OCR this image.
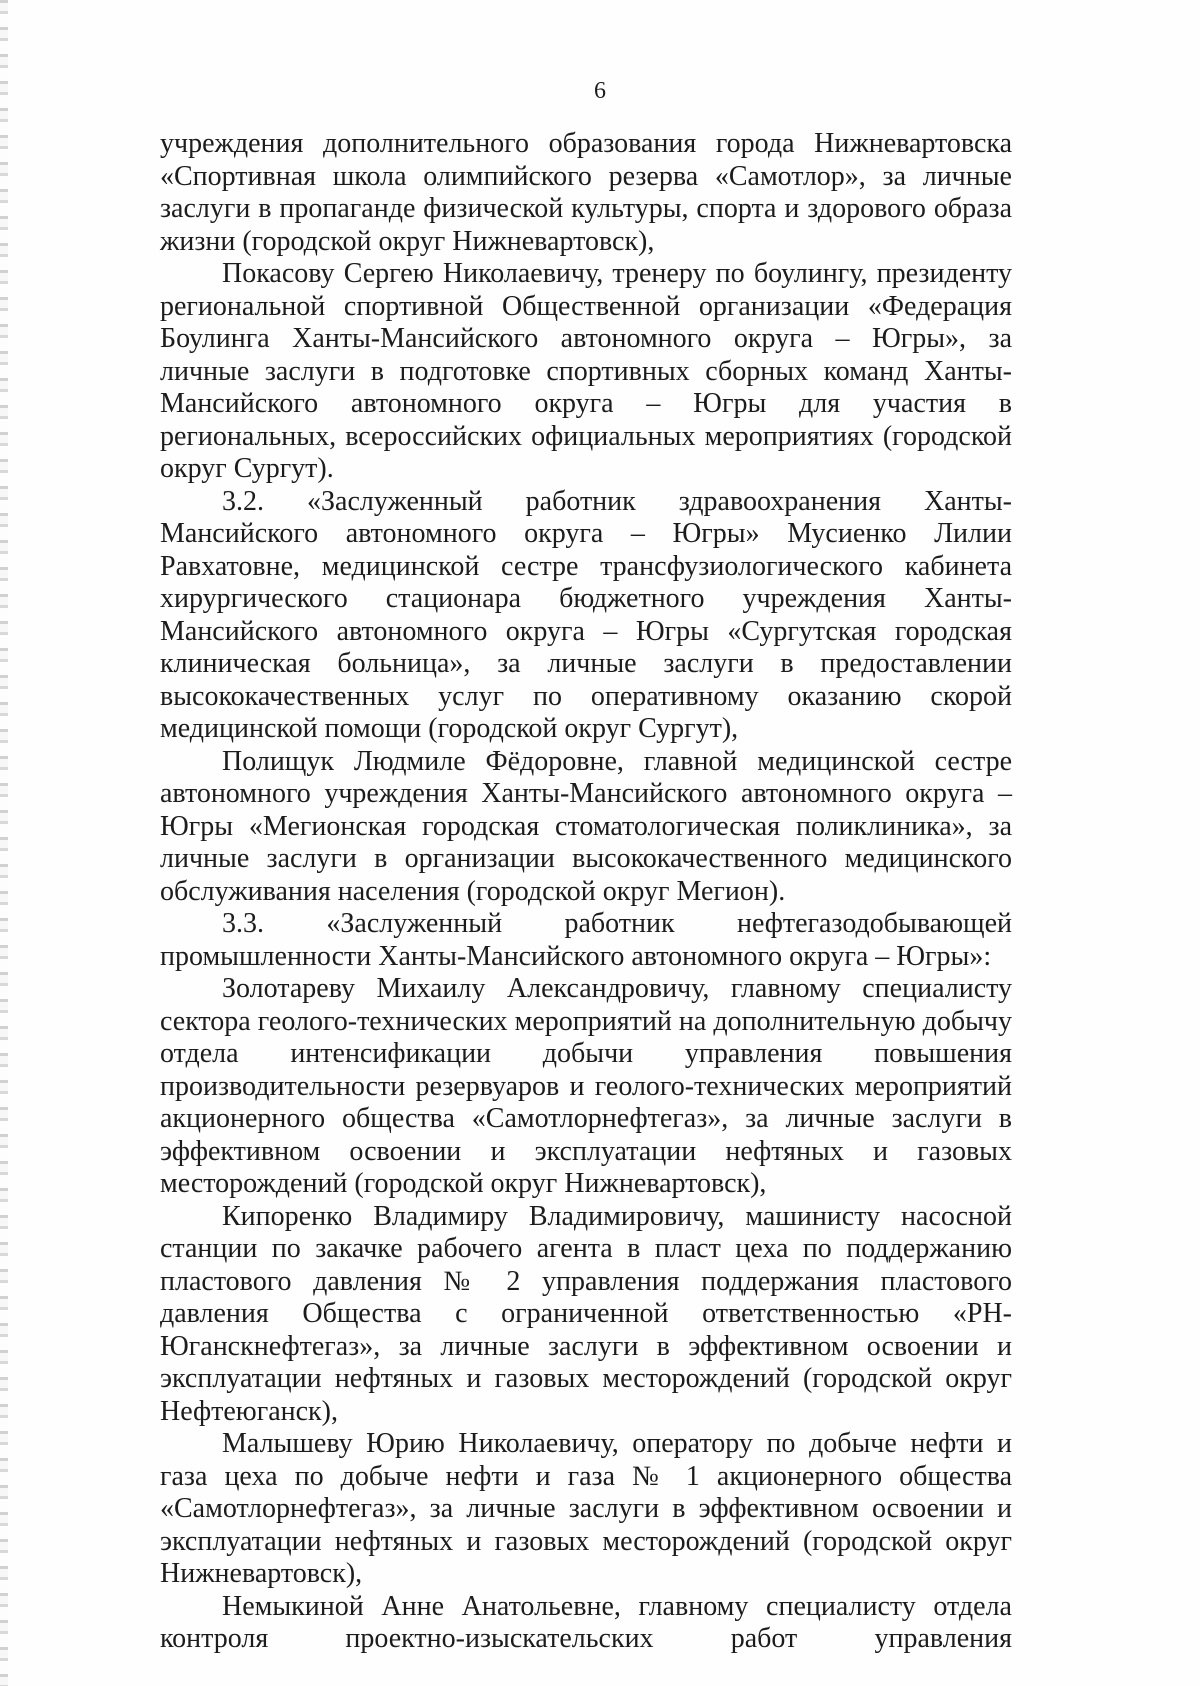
6

учреждения дополнительного образования города Нижневартовска «Спортивная школа олимпийского резерва «Самотлор», за личные заслуги в пропаганде физической культуры, спорта и здорового образа жизни (городской округ Нижневартовск),

Покасову Сергею Николаевичу, тренеру по боулингу, президенту региональной спортивной Общественной организации «Федерация Боулинга Ханты-Мансийского автономного округа – Югры», за личные заслуги в подготовке спортивных сборных команд Ханты-Мансийского автономного округа – Югры для участия в региональных, всероссийских официальных мероприятиях (городской округ Сургут).

3.2. «Заслуженный работник здравоохранения Ханты-Мансийского автономного округа – Югры» Мусиенко Лилии Равхатовне, медицинской сестре трансфузиологического кабинета хирургического стационара бюджетного учреждения Ханты-Мансийского автономного округа – Югры «Сургутская городская клиническая больница», за личные заслуги в предоставлении высококачественных услуг по оперативному оказанию скорой медицинской помощи (городской округ Сургут),

Полищук Людмиле Фёдоровне, главной медицинской сестре автономного учреждения Ханты-Мансийского автономного округа – Югры «Мегионская городская стоматологическая поликлиника», за личные заслуги в организации высококачественного медицинского обслуживания населения (городской округ Мегион).

3.3. «Заслуженный работник нефтегазодобывающей промышленности Ханты-Мансийского автономного округа – Югры»:

Золотареву Михаилу Александровичу, главному специалисту сектора геолого-технических мероприятий на дополнительную добычу отдела интенсификации добычи управления повышения производительности резервуаров и геолого-технических мероприятий акционерного общества «Самотлорнефтегаз», за личные заслуги в эффективном освоении и эксплуатации нефтяных и газовых месторождений (городской округ Нижневартовск),

Кипоренко Владимиру Владимировичу, машинисту насосной станции по закачке рабочего агента в пласт цеха по поддержанию пластового давления № 2 управления поддержания пластового давления Общества с ограниченной ответственностью «РН-Юганскнефтегаз», за личные заслуги в эффективном освоении и эксплуатации нефтяных и газовых месторождений (городской округ Нефтеюганск),

Малышеву Юрию Николаевичу, оператору по добыче нефти и газа цеха по добыче нефти и газа № 1 акционерного общества «Самотлорнефтегаз», за личные заслуги в эффективном освоении и эксплуатации нефтяных и газовых месторождений (городской округ Нижневартовск),

Немыкиной Анне Анатольевне, главному специалисту отдела контроля проектно-изыскательских работ управления
